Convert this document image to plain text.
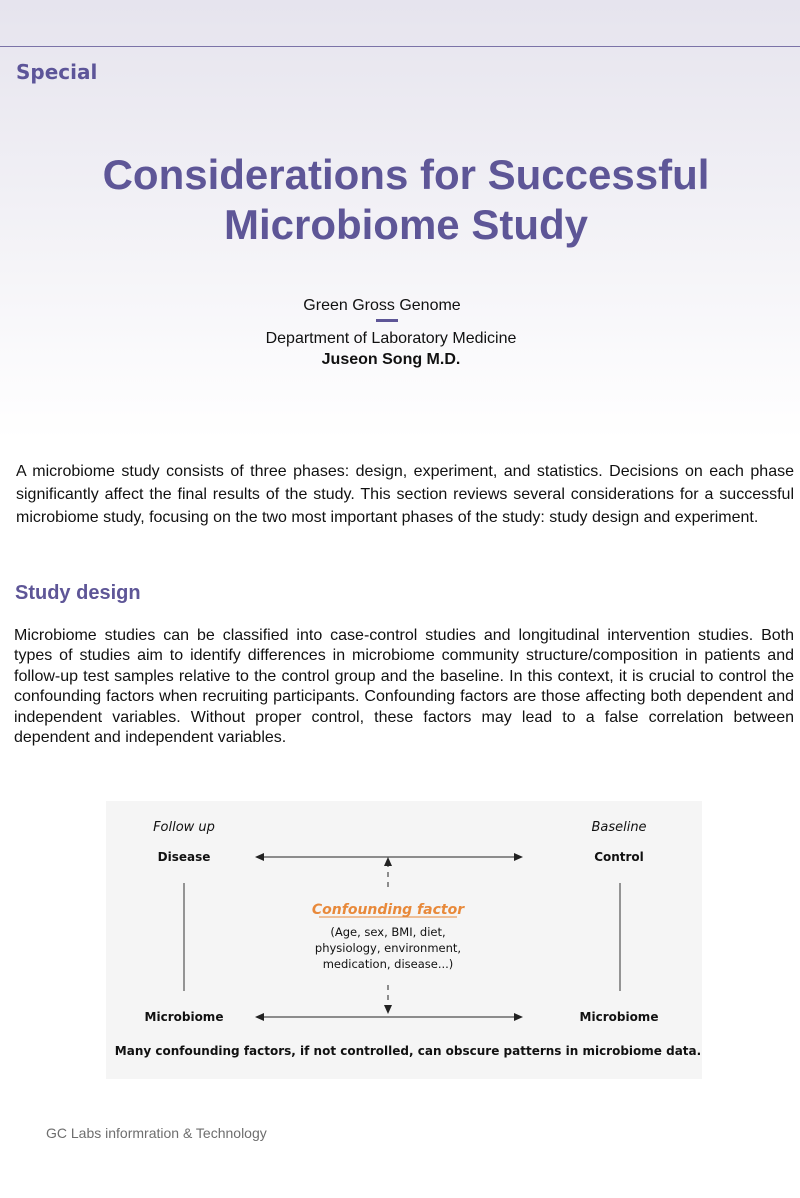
Special
Considerations for Successful
Microbiome Study
Green Gross Genome
Department of Laboratory Medicine
Juseon Song M.D.
A microbiome study consists of three phases: design, experiment, and statistics. Decisions on each phase significantly affect the final results of the study. This section reviews several considerations for a successful microbiome study, focusing on the two most important phases of the study: study design and experiment.
Study design
Microbiome studies can be classified into case-control studies and longitudinal intervention studies. Both types of studies aim to identify differences in microbiome community structure/composition in patients and follow-up test samples relative to the control group and the baseline. In this context, it is crucial to control the confounding factors when recruiting participants. Confounding factors are those affecting both dependent and independent variables. Without proper control, these factors may lead to a false correlation between dependent and independent variables.
Follow up	Baseline
Disease	Control
Microbiome	Microbiome
Confounding factor
(Age, sex, BMI, diet,
physiology, environment,
medication, disease...)
Many confounding factors, if not controlled, can obscure patterns in microbiome data.
GC Labs informration & Technology
